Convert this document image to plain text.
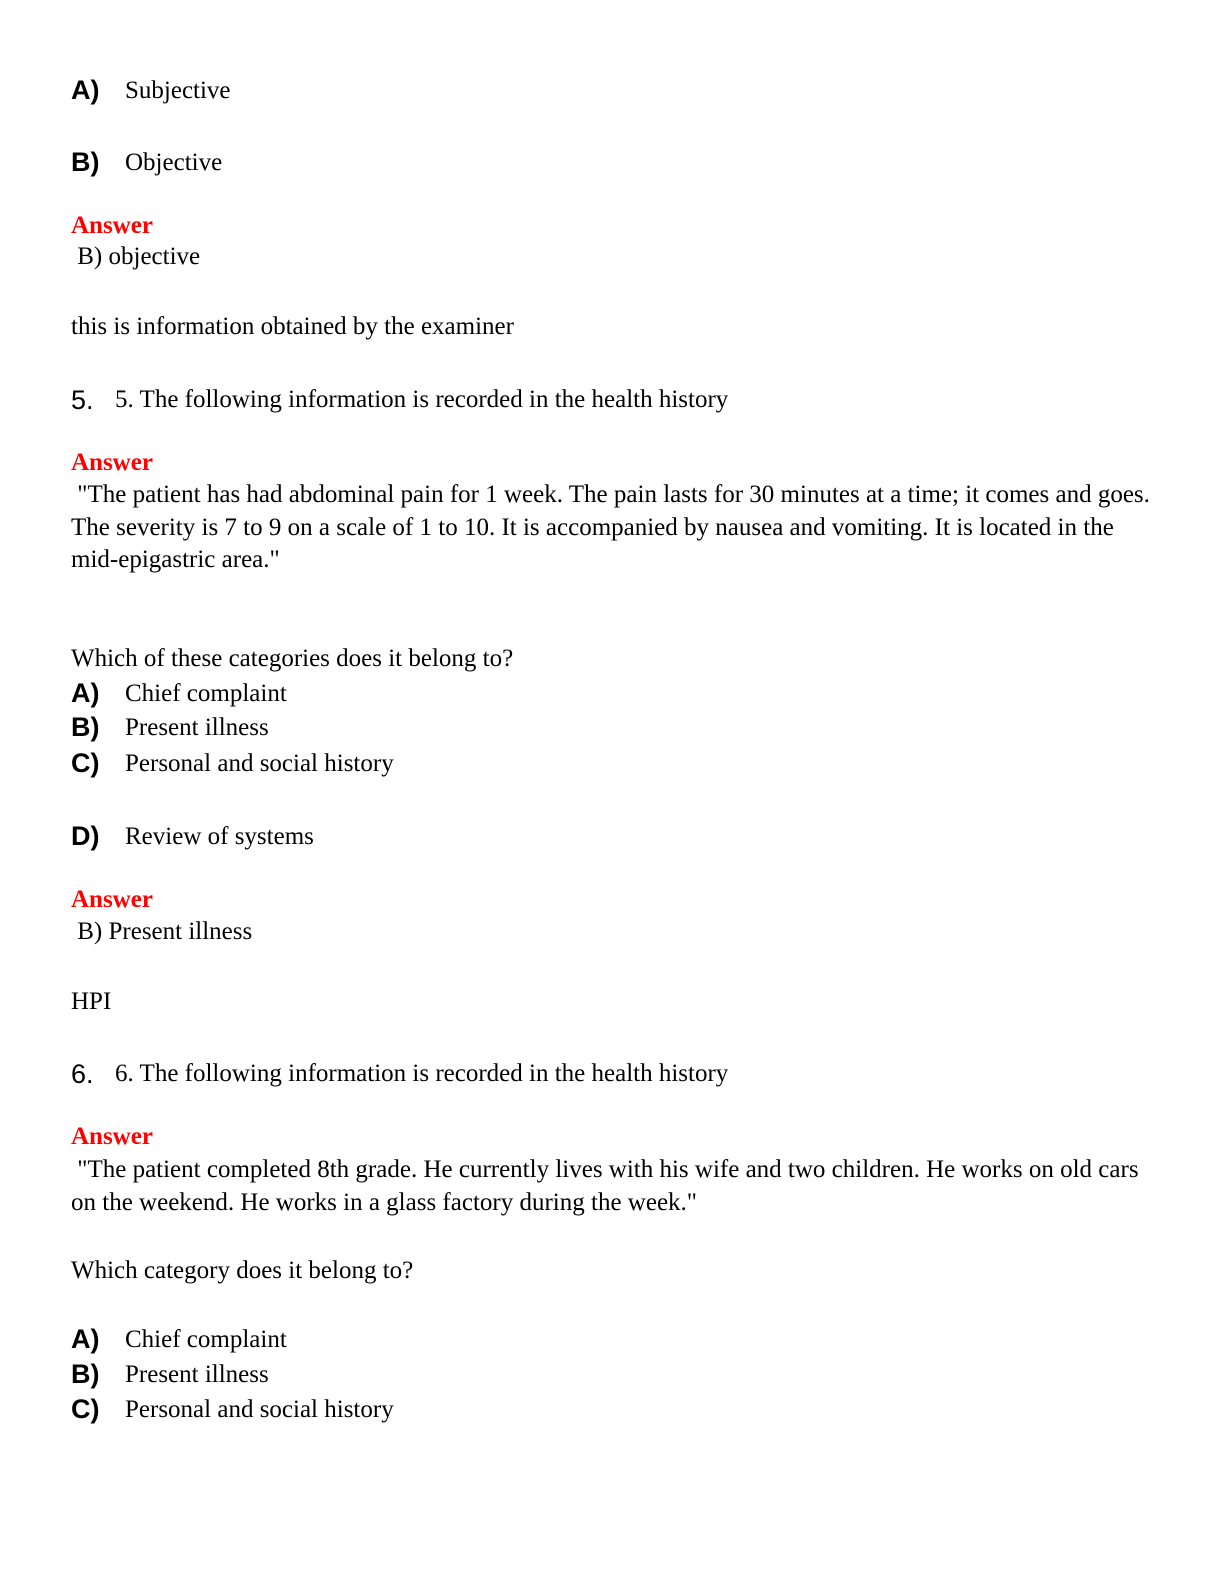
A) Subjective
B) Objective
Answer
B) objective
this is information obtained by the examiner
5. 5. The following information is recorded in the health history
Answer
"The patient has had abdominal pain for 1 week. The pain lasts for 30 minutes at a time; it comes and goes. The severity is 7 to 9 on a scale of 1 to 10. It is accompanied by nausea and vomiting. It is located in the mid-epigastric area."
Which of these categories does it belong to?
A) Chief complaint
B) Present illness
C) Personal and social history
D) Review of systems
Answer
B) Present illness
HPI
6. 6. The following information is recorded in the health history
Answer
"The patient completed 8th grade. He currently lives with his wife and two children. He works on old cars on the weekend. He works in a glass factory during the week."
Which category does it belong to?
A) Chief complaint
B) Present illness
C) Personal and social history
